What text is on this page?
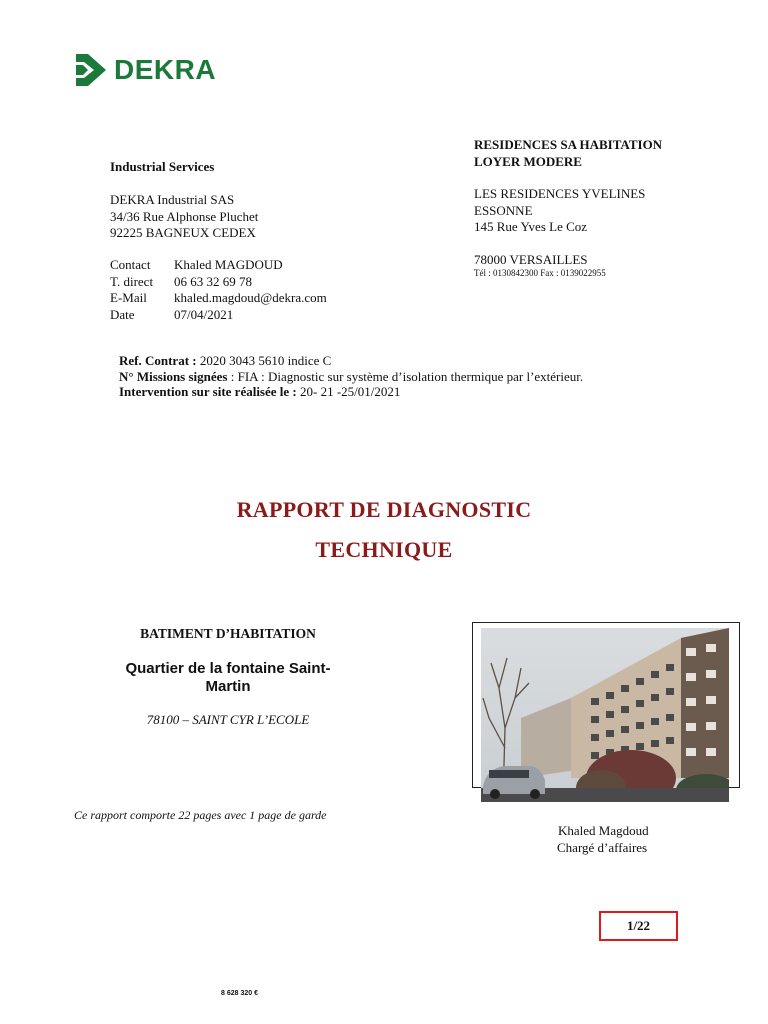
DEKRA
Industrial Services
DEKRA Industrial SAS
34/36 Rue Alphonse Pluchet
92225 BAGNEUX CEDEX
Contact	Khaled MAGDOUD
T. direct	06 63 32 69 78
E-Mail	khaled.magdoud@dekra.com
Date	07/04/2021
RESIDENCES SA HABITATION
LOYER MODERE
LES RESIDENCES YVELINES
ESSONNE
145 Rue Yves Le Coz
78000 VERSAILLES
Tél : 0130842300 Fax : 0139022955
Ref. Contrat : 2020 3043 5610 indice C
N° Missions signées : FIA : Diagnostic sur système d’isolation thermique par l’extérieur.
Intervention sur site réalisée le : 20- 21 -25/01/2021
RAPPORT DE DIAGNOSTIC
TECHNIQUE
BATIMENT D’HABITATION
Quartier de la fontaine Saint-
Martin
78100 – SAINT CYR L’ECOLE
Ce rapport comporte 22 pages avec 1 page de garde
Khaled Magdoud
Chargé d’affaires
1/22
8 628 320 €
